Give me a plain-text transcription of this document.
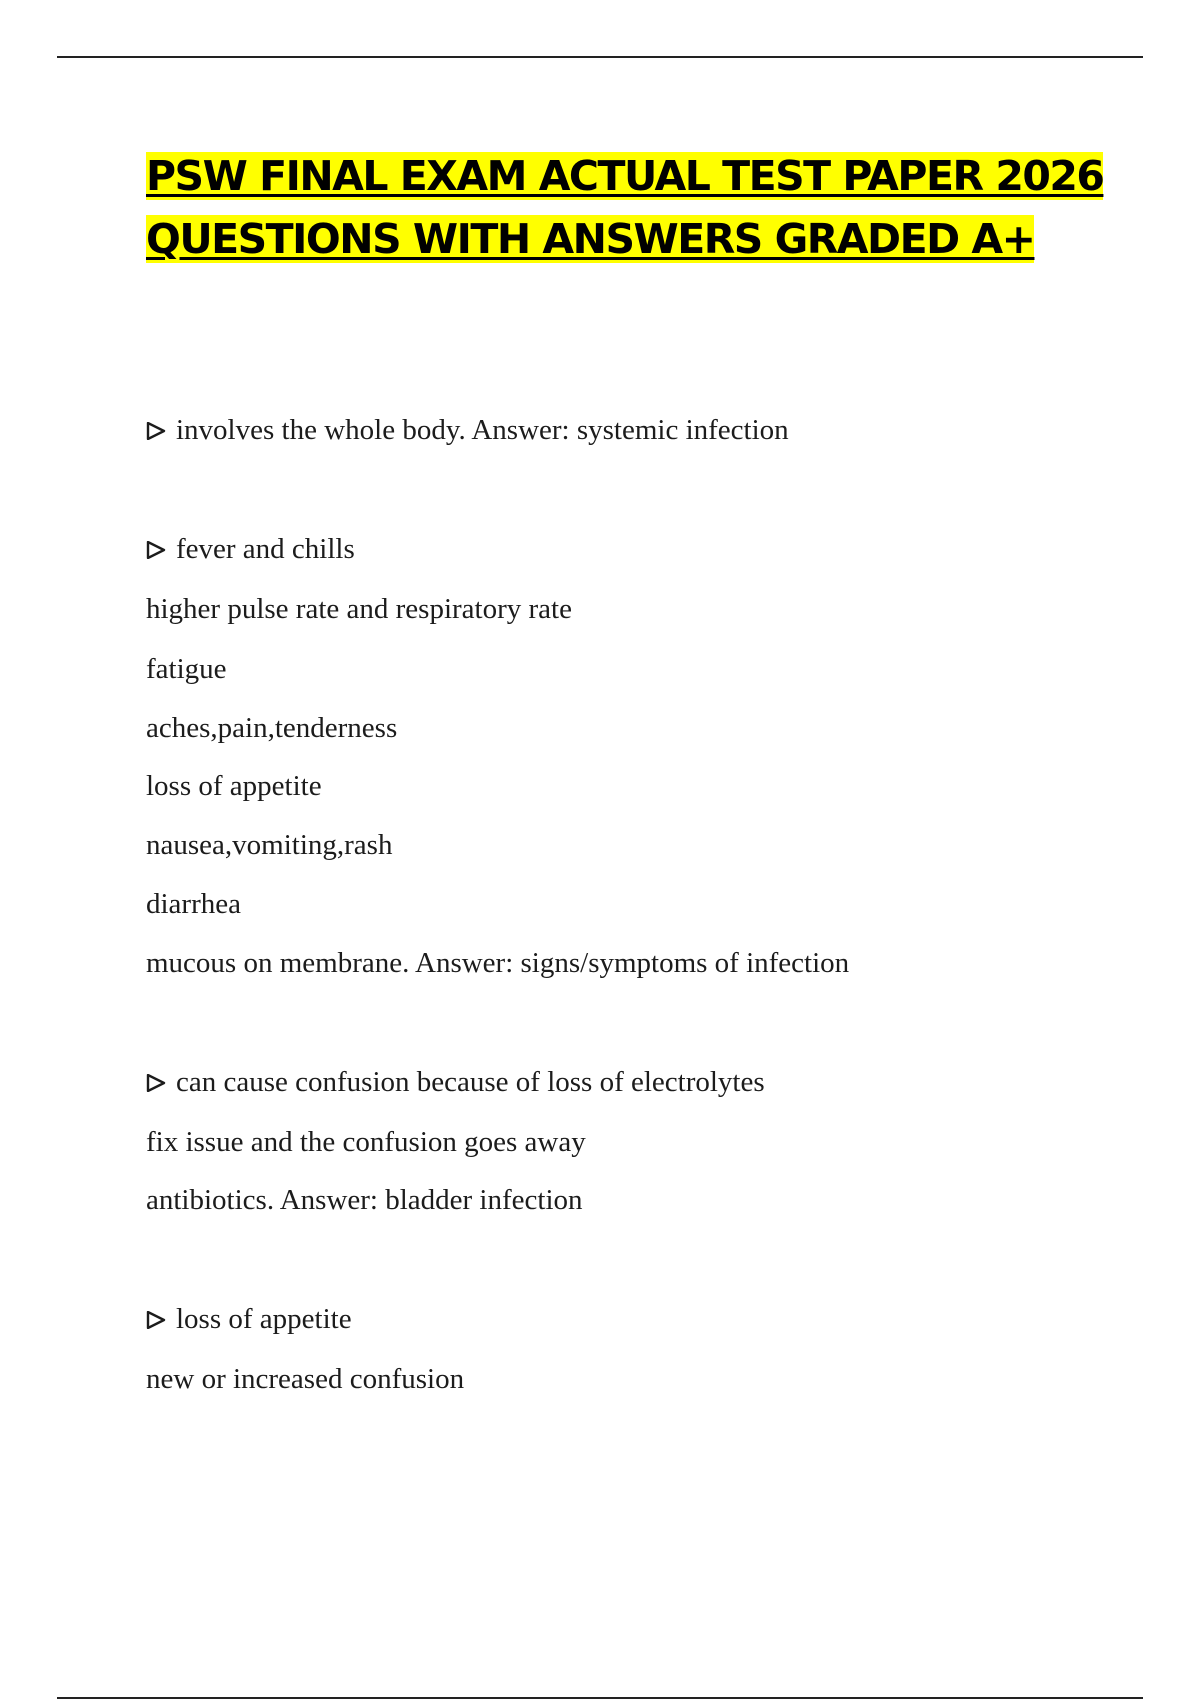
PSW FINAL EXAM ACTUAL TEST PAPER 2026 QUESTIONS WITH ANSWERS GRADED A+

involves the whole body. Answer: systemic infection

fever and chills

higher pulse rate and respiratory rate

fatigue

aches,pain,tenderness

loss of appetite

nausea,vomiting,rash

diarrhea

mucous on membrane. Answer: signs/symptoms of infection

can cause confusion because of loss of electrolytes

fix issue and the confusion goes away

antibiotics. Answer: bladder infection

loss of appetite

new or increased confusion
